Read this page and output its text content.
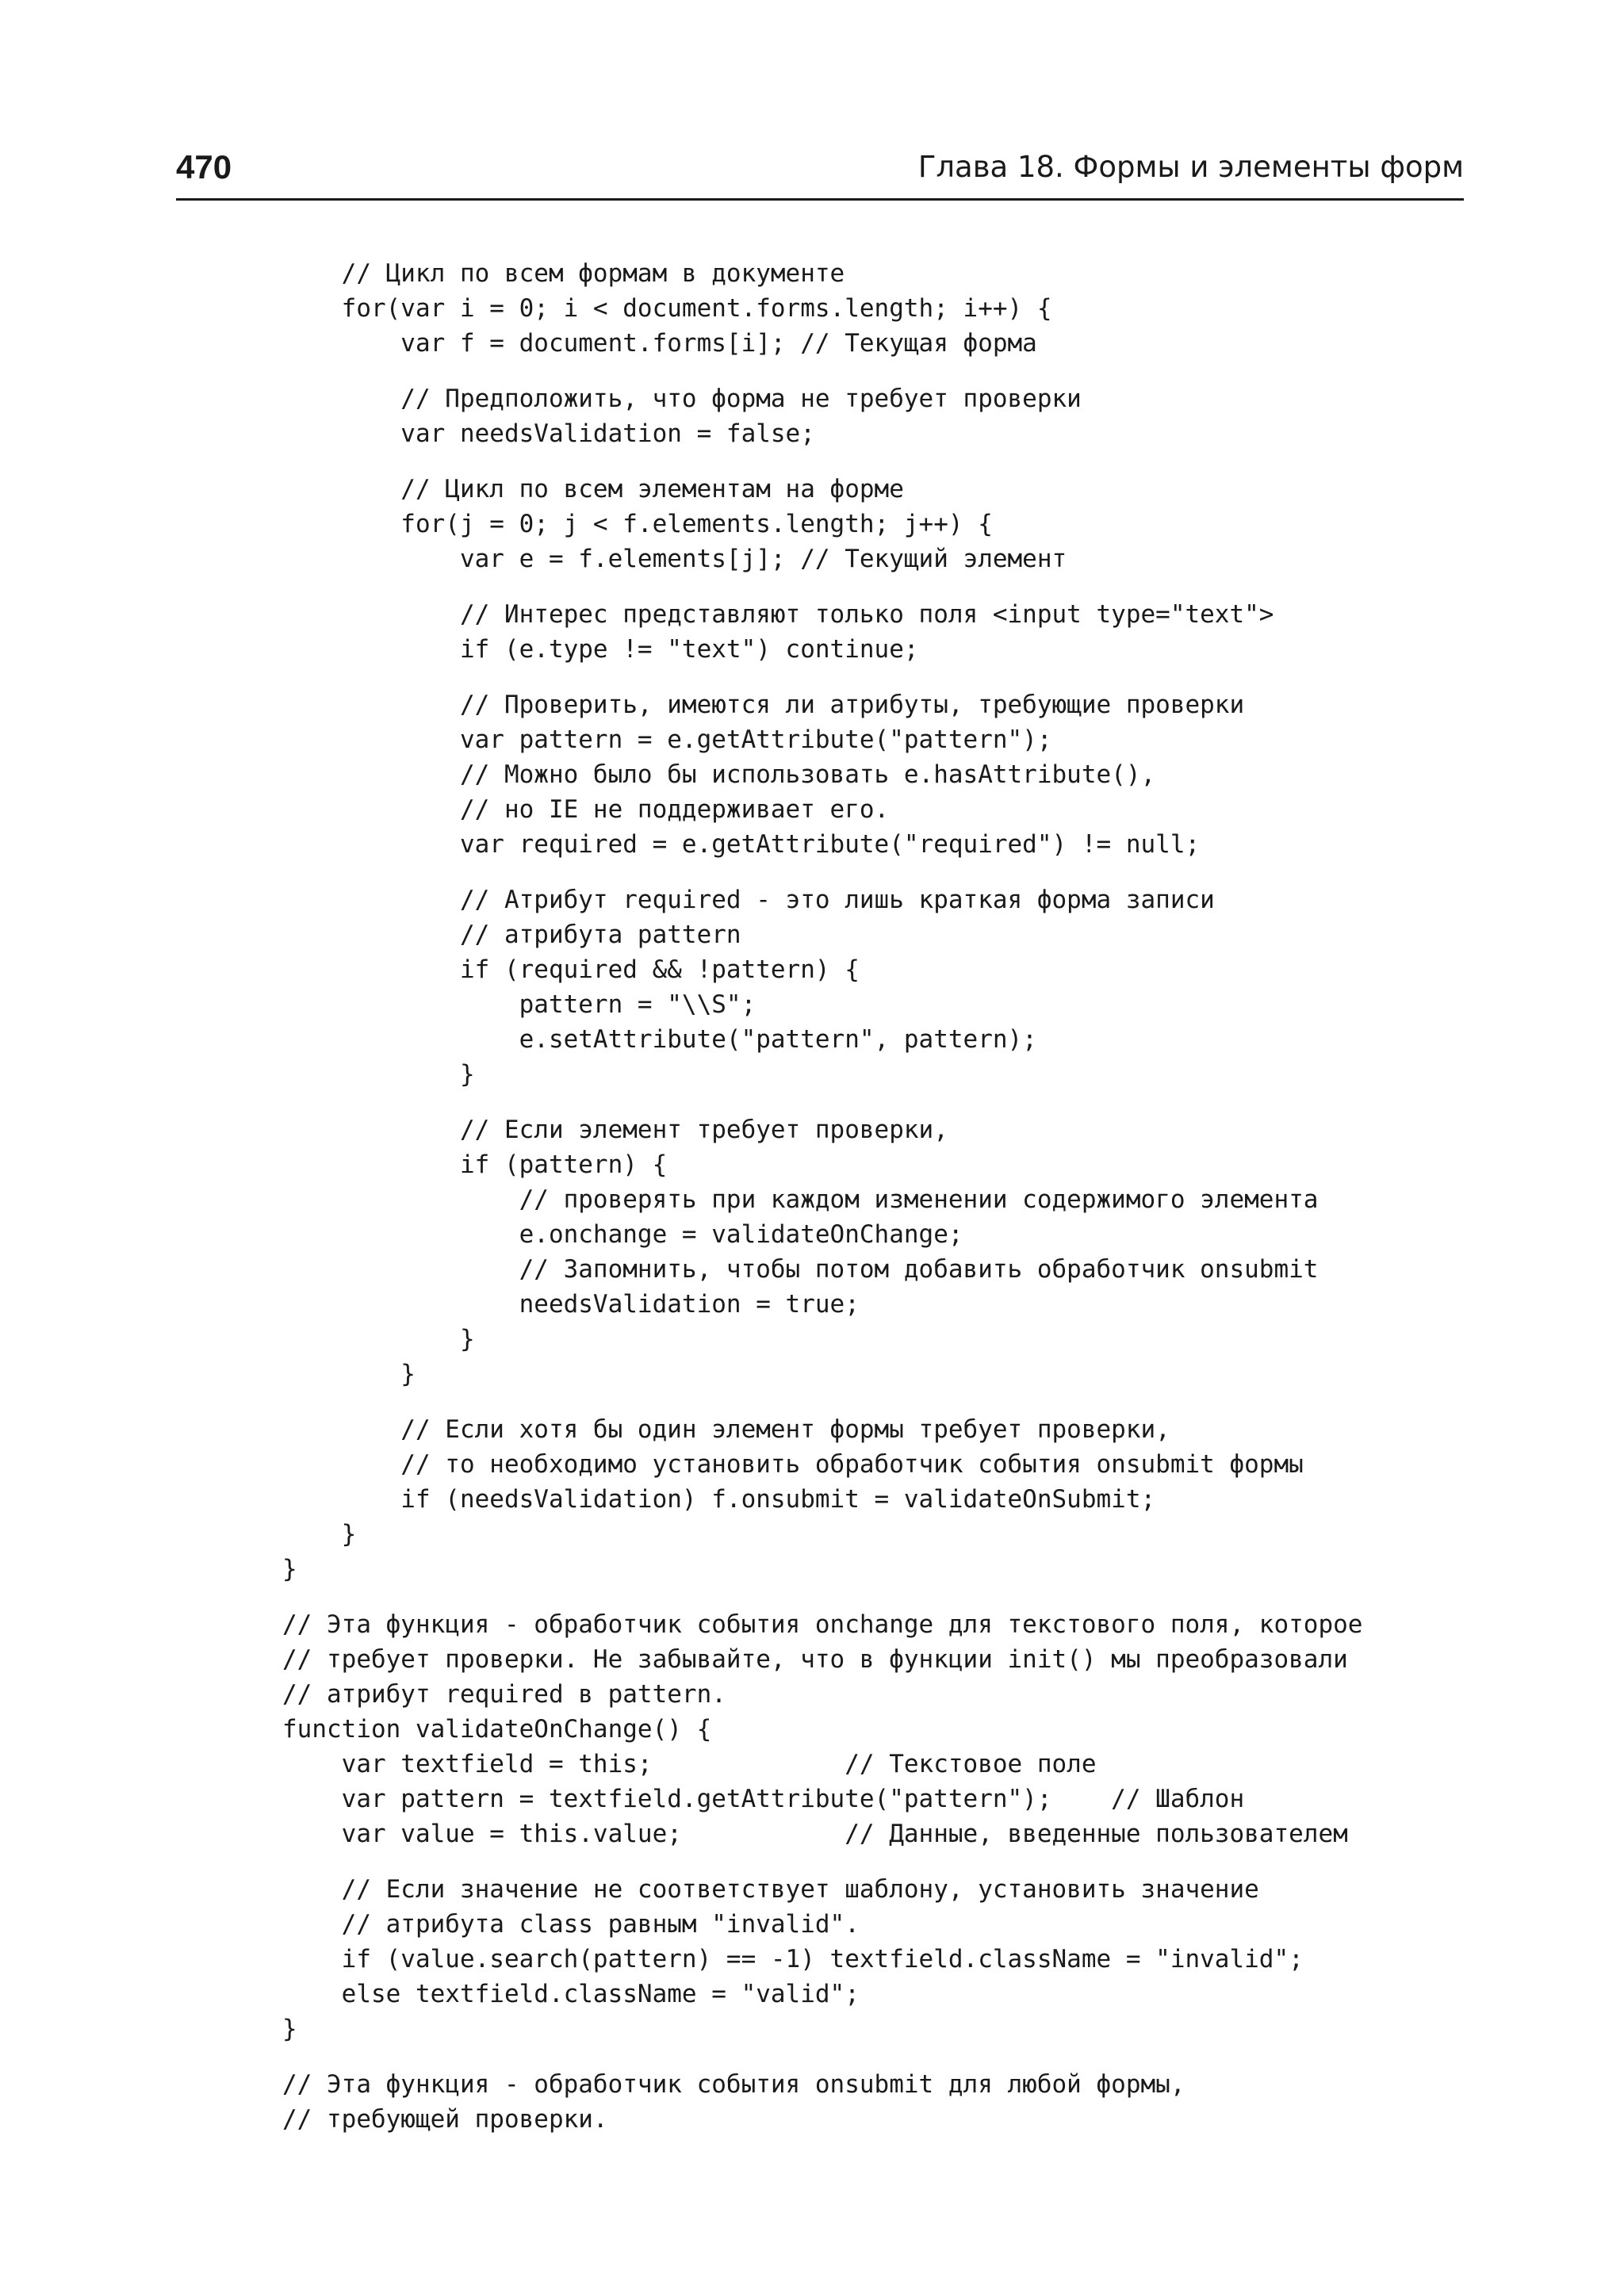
470	Глава 18. Формы и элементы форм
// Цикл по всем формам в документе
for(var i = 0; i < document.forms.length; i++) {
var f = document.forms[i]; // Текущая форма
// Предположить, что форма не требует проверки
var needsValidation = false;
// Цикл по всем элементам на форме
for(j = 0; j < f.elements.length; j++) {
var e = f.elements[j]; // Текущий элемент
// Интерес представляют только поля <input type="text">
if (e.type != "text") continue;
// Проверить, имеются ли атрибуты, требующие проверки
var pattern = e.getAttribute("pattern");
// Можно было бы использовать e.hasAttribute(),
// но IE не поддерживает его.
var required = e.getAttribute("required") != null;
// Атрибут required - это лишь краткая форма записи
// атрибута pattern
if (required && !pattern) {
pattern = "\\S";
e.setAttribute("pattern", pattern);
}
// Если элемент требует проверки,
if (pattern) {
// проверять при каждом изменении содержимого элемента
e.onchange = validateOnChange;
// Запомнить, чтобы потом добавить обработчик onsubmit
needsValidation = true;
}
}
// Если хотя бы один элемент формы требует проверки,
// то необходимо установить обработчик события onsubmit формы
if (needsValidation) f.onsubmit = validateOnSubmit;
}
}
// Эта функция - обработчик события onchange для текстового поля, которое
// требует проверки. Не забывайте, что в функции init() мы преобразовали
// атрибут required в pattern.
function validateOnChange() {
var textfield = this;             // Текстовое поле
var pattern = textfield.getAttribute("pattern");    // Шаблон
var value = this.value;           // Данные, введенные пользователем
// Если значение не соответствует шаблону, установить значение
// атрибута class равным "invalid".
if (value.search(pattern) == -1) textfield.className = "invalid";
else textfield.className = "valid";
}
// Эта функция - обработчик события onsubmit для любой формы,
// требующей проверки.
